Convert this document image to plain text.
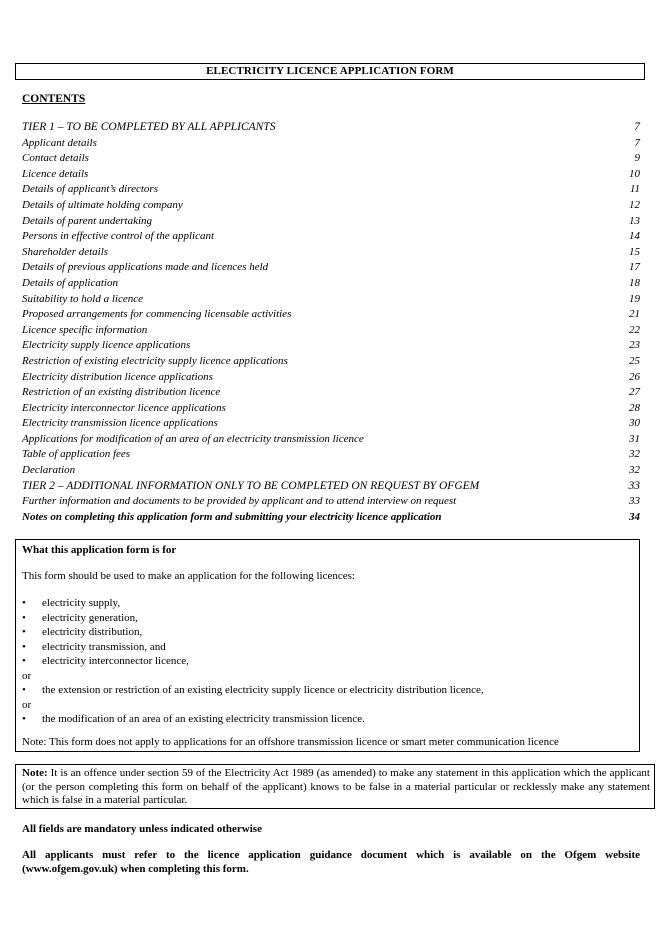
ELECTRICITY LICENCE APPLICATION FORM
CONTENTS
TIER 1 – TO BE COMPLETED BY ALL APPLICANTS	7
Applicant details	7
Contact details	9
Licence details	10
Details of applicant’s directors	11
Details of ultimate holding company	12
Details of parent undertaking	13
Persons in effective control of the applicant	14
Shareholder details	15
Details of previous applications made and licences held	17
Details of application	18
Suitability to hold a licence	19
Proposed arrangements for commencing licensable activities	21
Licence specific information	22
Electricity supply licence applications	23
Restriction of existing electricity supply licence applications	25
Electricity distribution licence applications	26
Restriction of an existing distribution licence	27
Electricity interconnector licence applications	28
Electricity transmission licence applications	30
Applications for modification of an area of an electricity transmission licence	31
Table of application fees	32
Declaration	32
TIER 2 – ADDITIONAL INFORMATION ONLY TO BE COMPLETED ON REQUEST BY OFGEM	33
Further information and documents to be provided by applicant and to attend interview on request	33
Notes on completing this application form and submitting your electricity licence application	34
What this application form is for
This form should be used to make an application for the following licences:
•	electricity supply,
•	electricity generation,
•	electricity distribution,
•	electricity transmission, and
•	electricity interconnector licence,
or
•	the extension or restriction of an existing electricity supply licence or electricity distribution licence,
or
•	the modification of an area of an existing electricity transmission licence.
Note: This form does not apply to applications for an offshore transmission licence or smart meter communication licence
Note: It is an offence under section 59 of the Electricity Act 1989 (as amended) to make any statement in this application which the applicant (or the person completing this form on behalf of the applicant) knows to be false in a material particular or recklessly make any statement which is false in a material particular.
All fields are mandatory unless indicated otherwise
All applicants must refer to the licence application guidance document which is available on the Ofgem website (www.ofgem.gov.uk) when completing this form.
